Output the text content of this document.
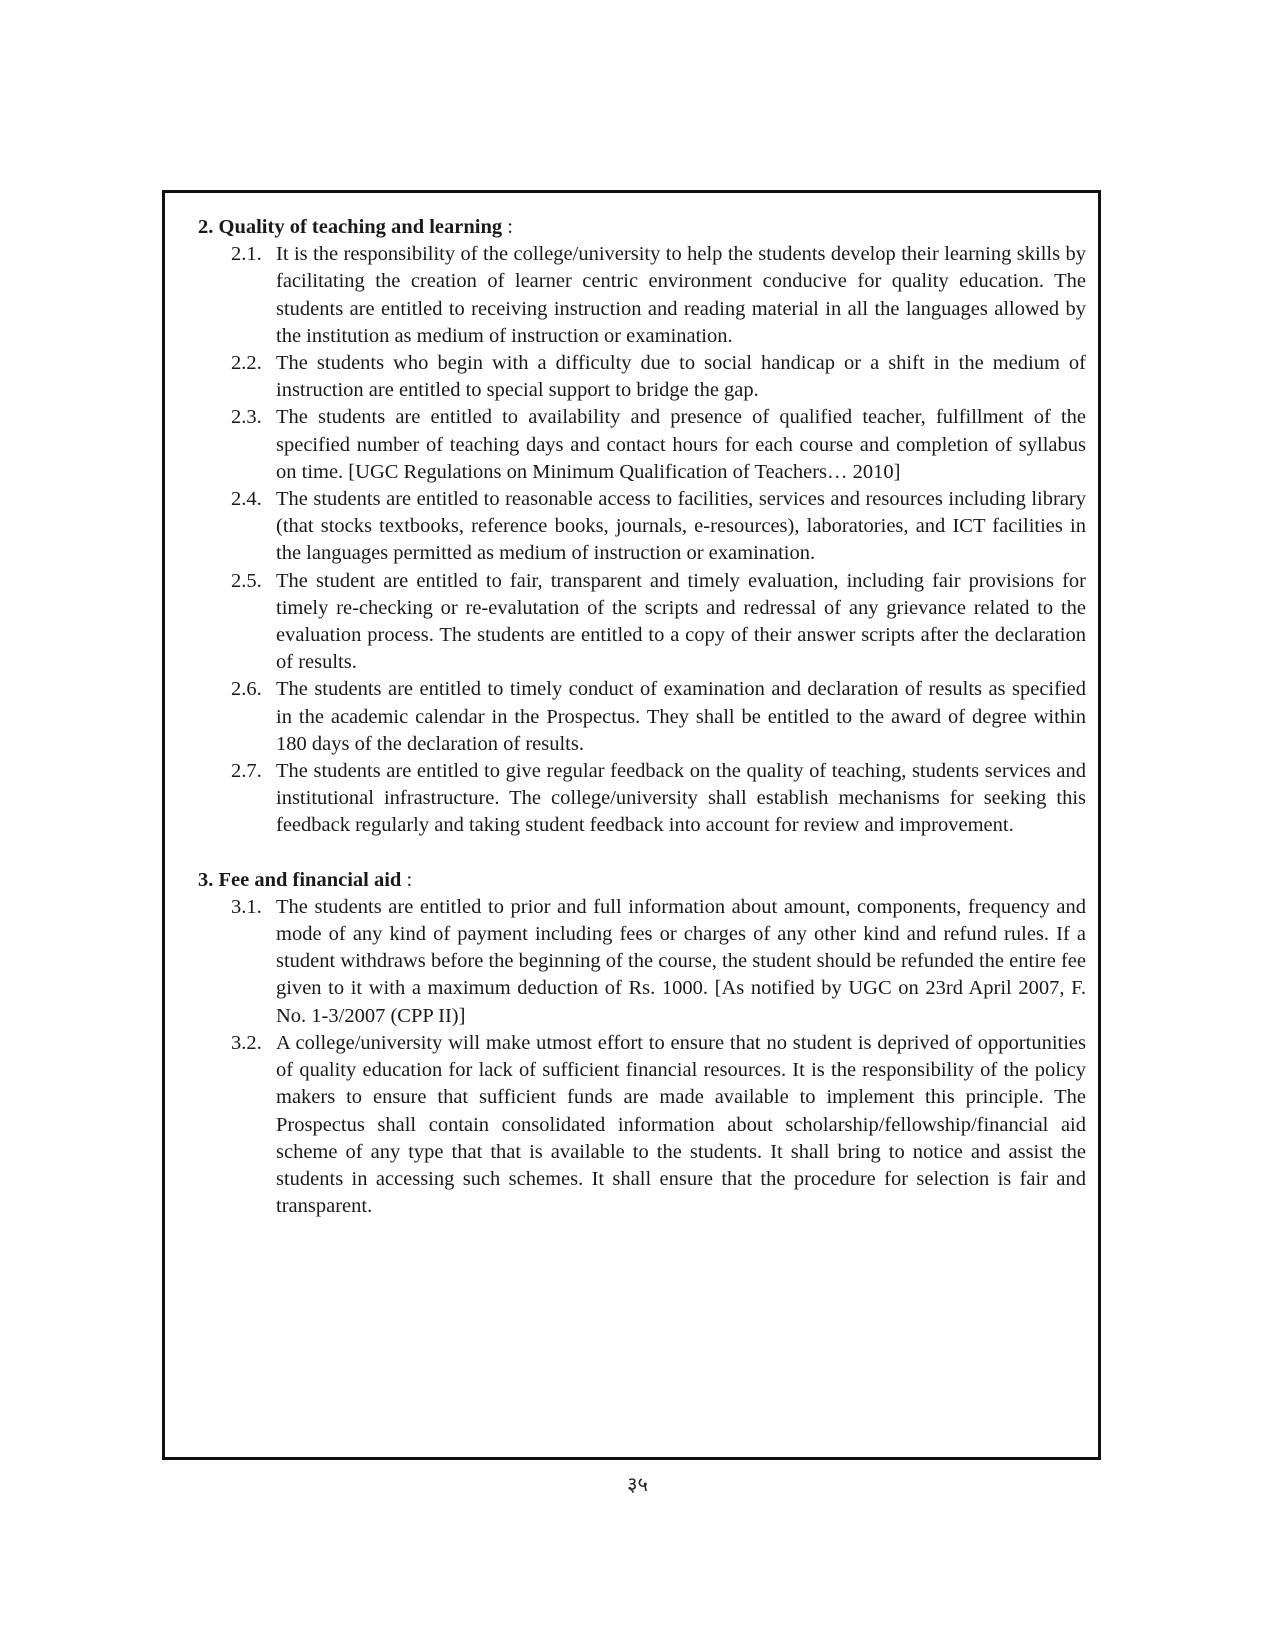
2. Quality of teaching and learning :

2.1. It is the responsibility of the college/university to help the students develop their learning skills by facilitating the creation of learner centric environment conducive for quality education. The students are entitled to receiving instruction and reading material in all the languages allowed by the institution as medium of instruction or examination.

2.2. The students who begin with a difficulty due to social handicap or a shift in the medium of instruction are entitled to special support to bridge the gap.

2.3. The students are entitled to availability and presence of qualified teacher, fulfillment of the specified number of teaching days and contact hours for each course and completion of syllabus on time. [UGC Regulations on Minimum Qualification of Teachers… 2010]

2.4. The students are entitled to reasonable access to facilities, services and resources including library (that stocks textbooks, reference books, journals, e-resources), laboratories, and ICT facilities in the languages permitted as medium of instruction or examination.

2.5. The student are entitled to fair, transparent and timely evaluation, including fair provisions for timely re-checking or re-evalutation of the scripts and redressal of any grievance related to the evaluation process. The students are entitled to a copy of their answer scripts after the declaration of results.

2.6. The students are entitled to timely conduct of examination and declaration of results as specified in the academic calendar in the Prospectus. They shall be entitled to the award of degree within 180 days of the declaration of results.

2.7. The students are entitled to give regular feedback on the quality of teaching, students services and institutional infrastructure. The college/university shall establish mechanisms for seeking this feedback regularly and taking student feedback into account for review and improvement.

3. Fee and financial aid :

3.1. The students are entitled to prior and full information about amount, components, frequency and mode of any kind of payment including fees or charges of any other kind and refund rules. If a student withdraws before the beginning of the course, the student should be refunded the entire fee given to it with a maximum deduction of Rs. 1000. [As notified by UGC on 23rd April 2007, F. No. 1-3/2007 (CPP II)]

3.2. A college/university will make utmost effort to ensure that no student is deprived of opportunities of quality education for lack of sufficient financial resources. It is the responsibility of the policy makers to ensure that sufficient funds are made available to implement this principle. The Prospectus shall contain consolidated information about scholarship/fellowship/financial aid scheme of any type that that is available to the students. It shall bring to notice and assist the students in accessing such schemes. It shall ensure that the procedure for selection is fair and transparent.

३५
